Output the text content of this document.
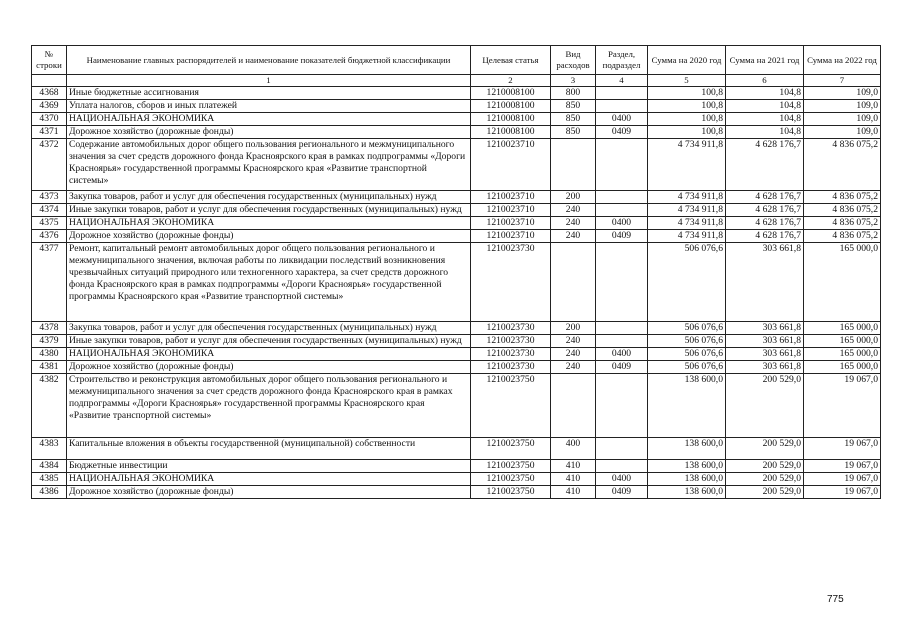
№ строки	Наименование главных распорядителей и наименование показателей бюджетной классификации	Целевая статья	Вид расходов	Раздел, подраздел	Сумма на 2020 год	Сумма на 2021 год	Сумма на 2022 год
	1	2	3	4	5	6	7
4368	Иные бюджетные ассигнования	1210008100	800		100,8	104,8	109,0
4369	Уплата налогов, сборов и иных платежей	1210008100	850		100,8	104,8	109,0
4370	НАЦИОНАЛЬНАЯ ЭКОНОМИКА	1210008100	850	0400	100,8	104,8	109,0
4371	Дорожное хозяйство (дорожные фонды)	1210008100	850	0409	100,8	104,8	109,0
4372	Содержание автомобильных дорог общего пользования регионального и межмуниципального значения за счет средств дорожного фонда Красноярского края в рамках подпрограммы «Дороги Красноярья» государственной программы Красноярского края «Развитие транспортной системы»	1210023710			4 734 911,8	4 628 176,7	4 836 075,2
4373	Закупка товаров, работ и услуг для обеспечения государственных (муниципальных) нужд	1210023710	200		4 734 911,8	4 628 176,7	4 836 075,2
4374	Иные закупки товаров, работ и услуг для обеспечения государственных (муниципальных) нужд	1210023710	240		4 734 911,8	4 628 176,7	4 836 075,2
4375	НАЦИОНАЛЬНАЯ ЭКОНОМИКА	1210023710	240	0400	4 734 911,8	4 628 176,7	4 836 075,2
4376	Дорожное хозяйство (дорожные фонды)	1210023710	240	0409	4 734 911,8	4 628 176,7	4 836 075,2
4377	Ремонт, капитальный ремонт автомобильных дорог общего пользования регионального и межмуниципального значения, включая работы по ликвидации последствий возникновения чрезвычайных ситуаций природного или техногенного характера, за счет средств дорожного фонда Красноярского края в рамках подпрограммы «Дороги Красноярья» государственной программы Красноярского края «Развитие транспортной системы»	1210023730			506 076,6	303 661,8	165 000,0
4378	Закупка товаров, работ и услуг для обеспечения государственных (муниципальных) нужд	1210023730	200		506 076,6	303 661,8	165 000,0
4379	Иные закупки товаров, работ и услуг для обеспечения государственных (муниципальных) нужд	1210023730	240		506 076,6	303 661,8	165 000,0
4380	НАЦИОНАЛЬНАЯ ЭКОНОМИКА	1210023730	240	0400	506 076,6	303 661,8	165 000,0
4381	Дорожное хозяйство (дорожные фонды)	1210023730	240	0409	506 076,6	303 661,8	165 000,0
4382	Строительство и реконструкция автомобильных дорог общего пользования регионального и межмуниципального значения за счет средств дорожного фонда Красноярского края в рамках подпрограммы «Дороги Красноярья» государственной программы Красноярского края «Развитие транспортной системы»	1210023750			138 600,0	200 529,0	19 067,0
4383	Капитальные вложения в объекты государственной (муниципальной) собственности	1210023750	400		138 600,0	200 529,0	19 067,0
4384	Бюджетные инвестиции	1210023750	410		138 600,0	200 529,0	19 067,0
4385	НАЦИОНАЛЬНАЯ ЭКОНОМИКА	1210023750	410	0400	138 600,0	200 529,0	19 067,0
4386	Дорожное хозяйство (дорожные фонды)	1210023750	410	0409	138 600,0	200 529,0	19 067,0
775
